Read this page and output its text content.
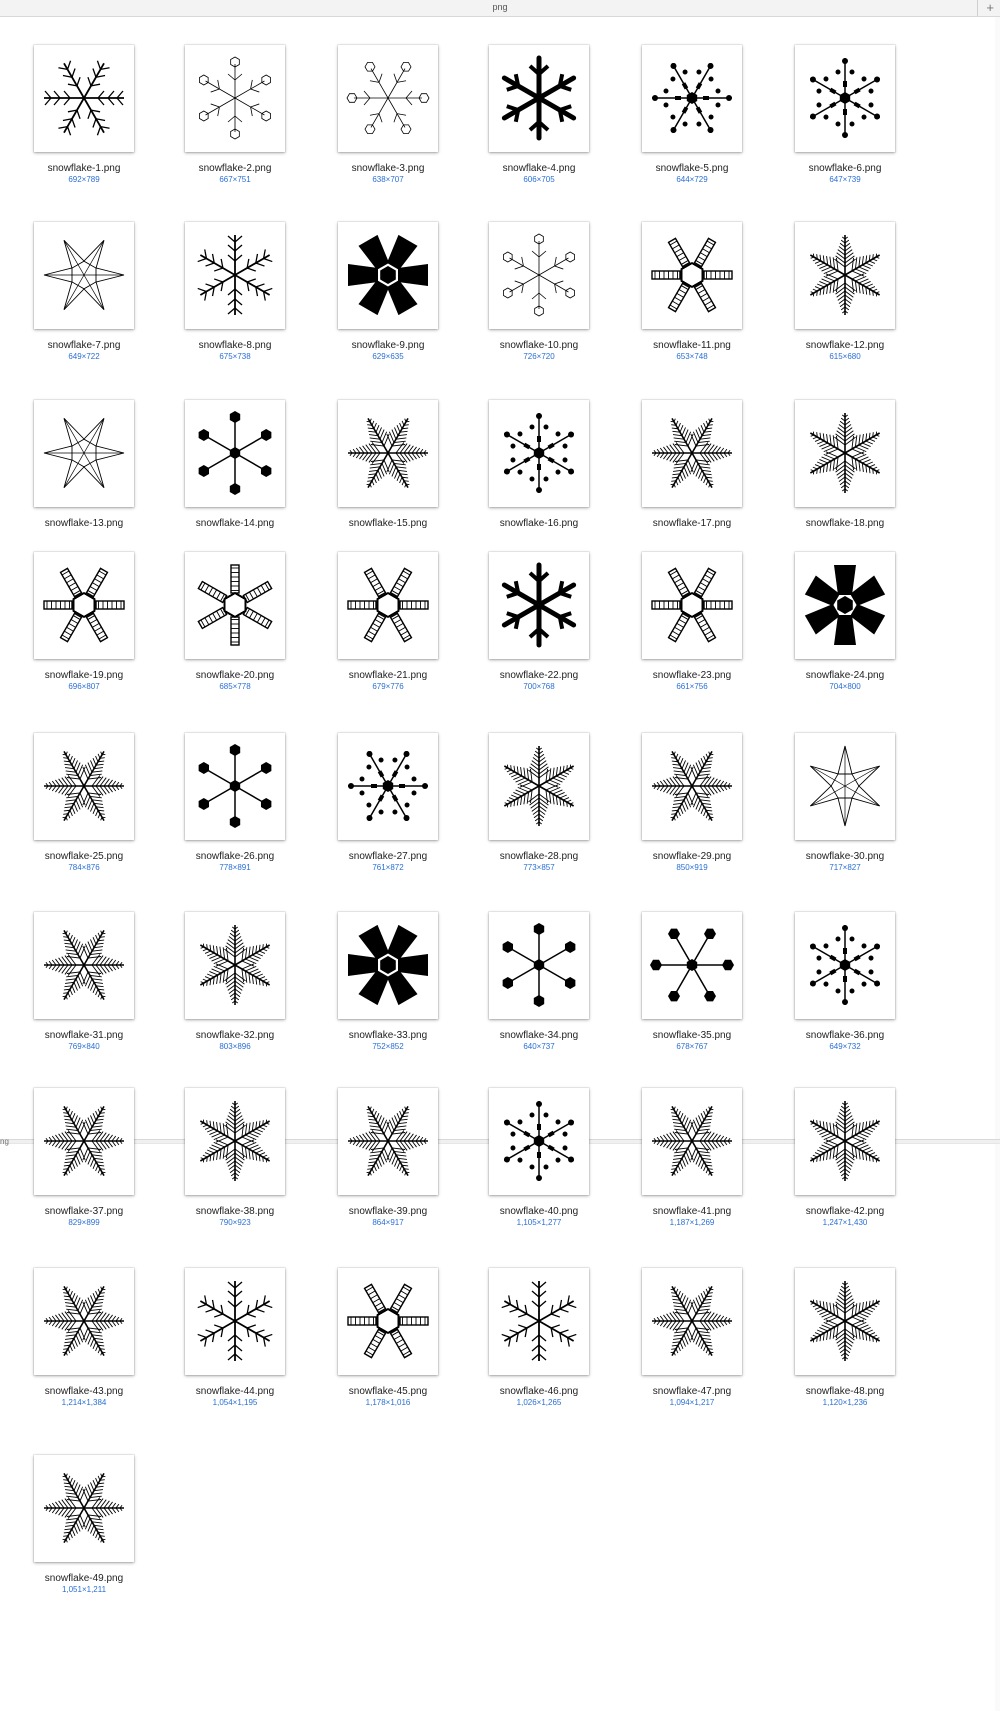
png	+
ng
snowflake-1.png
692×789
snowflake-2.png
667×751
snowflake-3.png
638×707
snowflake-4.png
606×705
snowflake-5.png
644×729
snowflake-6.png
647×739
snowflake-7.png
649×722
snowflake-8.png
675×738
snowflake-9.png
629×635
snowflake-10.png
726×720
snowflake-11.png
653×748
snowflake-12.png
615×680
snowflake-13.png	snowflake-14.png	snowflake-15.png	snowflake-16.png	snowflake-17.png	snowflake-18.png
snowflake-19.png
696×807
snowflake-20.png
685×778
snowflake-21.png
679×776
snowflake-22.png
700×768
snowflake-23.png
661×756
snowflake-24.png
704×800
snowflake-25.png
784×876
snowflake-26.png
778×891
snowflake-27.png
761×872
snowflake-28.png
773×857
snowflake-29.png
850×919
snowflake-30.png
717×827
snowflake-31.png
769×840
snowflake-32.png
803×896
snowflake-33.png
752×852
snowflake-34.png
640×737
snowflake-35.png
678×767
snowflake-36.png
649×732
snowflake-37.png
829×899
snowflake-38.png
790×923
snowflake-39.png
864×917
snowflake-40.png
1,105×1,277
snowflake-41.png
1,187×1,269
snowflake-42.png
1,247×1,430
snowflake-43.png
1,214×1,384
snowflake-44.png
1,054×1,195
snowflake-45.png
1,178×1,016
snowflake-46.png
1,026×1,265
snowflake-47.png
1,094×1,217
snowflake-48.png
1,120×1,236
snowflake-49.png
1,051×1,211
